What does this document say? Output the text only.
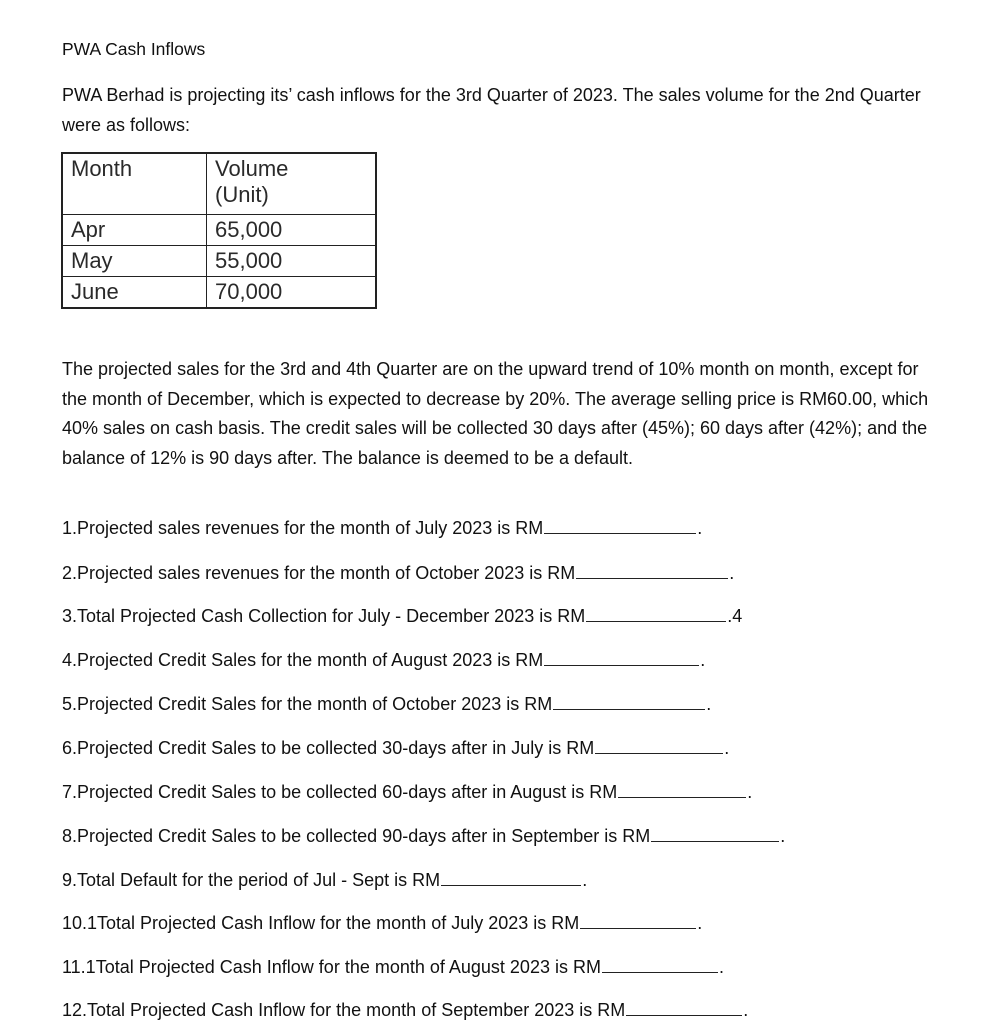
PWA Cash Inflows
PWA Berhad is projecting its’ cash inflows for the 3rd Quarter of 2023. The sales volume for the 2nd Quarter were as follows:
Month	Volume (Unit)
Apr	65,000
May	55,000
June	70,000
The projected sales for the 3rd and 4th Quarter are on the upward trend of 10% month on month, except for the month of December, which is expected to decrease by 20%. The average selling price is RM60.00, which 40% sales on cash basis. The credit sales will be collected 30 days after (45%); 60 days after (42%); and the balance of 12% is 90 days after. The balance is deemed to be a default.
1.Projected sales revenues for the month of July 2023 is RM	.
2.Projected sales revenues for the month of October 2023 is RM	.
3.Total Projected Cash Collection for July - December 2023 is RM	.4
4.Projected Credit Sales for the month of August 2023 is RM	.
5.Projected Credit Sales for the month of October 2023 is RM	.
6.Projected Credit Sales to be collected 30-days after in July is RM	.
7.Projected Credit Sales to be collected 60-days after in August is RM	.
8.Projected Credit Sales to be collected 90-days after in September is RM	.
9.Total Default for the period of Jul - Sept is RM	.
10.1Total Projected Cash Inflow for the month of July 2023 is RM	.
11.1Total Projected Cash Inflow for the month of August 2023 is RM	.
12.Total Projected Cash Inflow for the month of September 2023 is RM	.
